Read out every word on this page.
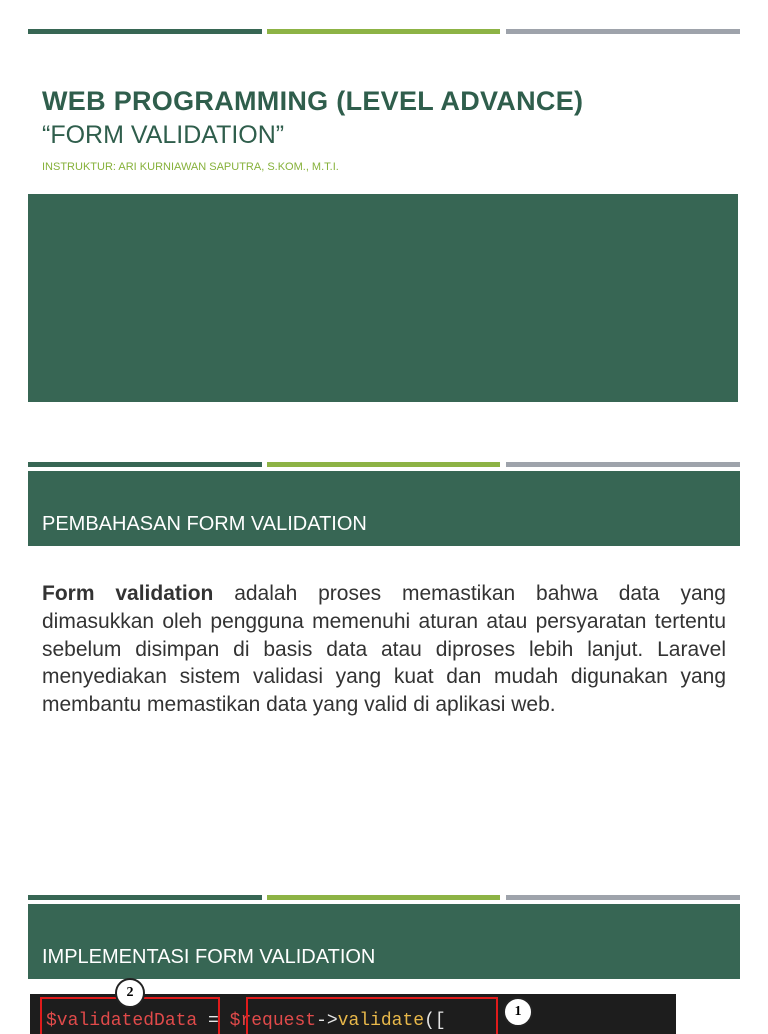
WEB PROGRAMMING (LEVEL ADVANCE)

“FORM VALIDATION”

INSTRUKTUR: ARI KURNIAWAN SAPUTRA, S.KOM., M.T.I.

PEMBAHASAN FORM VALIDATION

Form validation adalah proses memastikan bahwa data yang dimasukkan oleh pengguna memenuhi aturan atau persyaratan tertentu sebelum disimpan di basis data atau diproses lebih lanjut. Laravel menyediakan sistem validasi yang kuat dan mudah digunakan yang membantu memastikan data yang valid di aplikasi web.

IMPLEMENTASI FORM VALIDATION
$validatedData = $request->validate([
2
1
